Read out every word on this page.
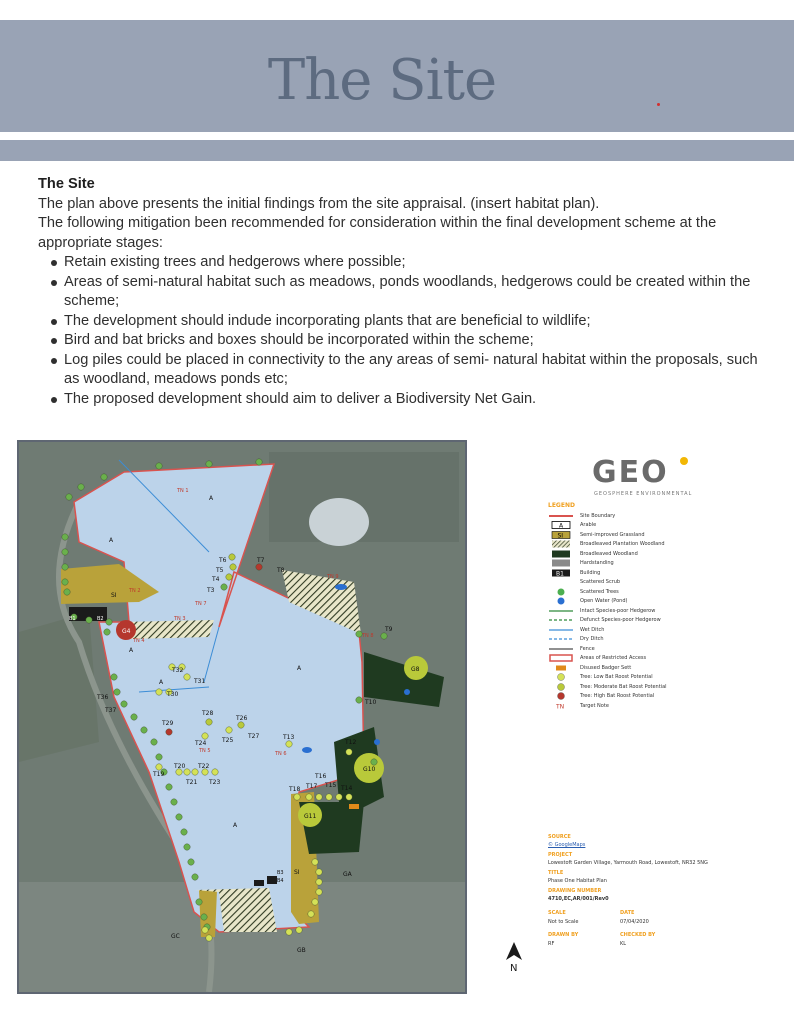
The Site

The Site

The plan above presents the initial findings from the site appraisal. (insert habitat plan).

The following mitigation been recommended for consideration within the final development scheme at the appropriate stages:

Retain existing trees and hedgerows where possible;
Areas of semi-natural habitat such as meadows, ponds woodlands, hedgerows could be created within the scheme;
The development should indude incorporating plants that are beneficial to wildlife;
Bird and bat bricks and boxes should be incorporated within the scheme;
Log piles could be placed in connectivity to the any areas of semi- natural habitat within the proposals, such as woodland, meadows ponds etc;
The proposed development should aim to deliver a Biodiversity Net Gain.
A
A
A
A
A
A
SI
SI
G4
G8
G10
G11
GA
GB
GC
B1	B2
B3
B4
T6
T5
T4
T3
T7
T8
T9
T10
T12
T13
T14
T15
T16
T17
T18
T19
T20
T21
T22
T23
T24	T25
T26
T27
T28
T29
T30
T31
T32
T36
T37
TN 1
TN 2
TN 3
TN 4
TN 5	TN 6
TN 7
TN 8
TN 9
GEO
GEOSPHERE ENVIRONMENTAL
LEGEND
Site Boundary
A	Arable
SI	Semi-improved Grassland
Broadleaved Plantation Woodland
Broadleaved Woodland
Hardstanding
B1	Building
Scattered Scrub
Scattered Trees
Open Water (Pond)
Intact Species-poor Hedgerow
Defunct Species-poor Hedgerow
Wet Ditch
Dry Ditch
Fence
Areas of Restricted Access
Disused Badger Sett
Tree: Low Bat Roost Potential
Tree: Moderate Bat Roost Potential
Tree: High Bat Roost Potential
TN	Target Note
SOURCE
© GoogleMaps
PROJECT
Lowestoft Garden Village, Yarmouth Road, Lowestoft, NR32 5NG
TITLE
Phase One Habitat Plan
DRAWING NUMBER
4710,EC,AR/001/Rev0
SCALE	DATE
Not to Scale	07/04/2020
DRAWN BY	CHECKED BY
RF	KL
N
